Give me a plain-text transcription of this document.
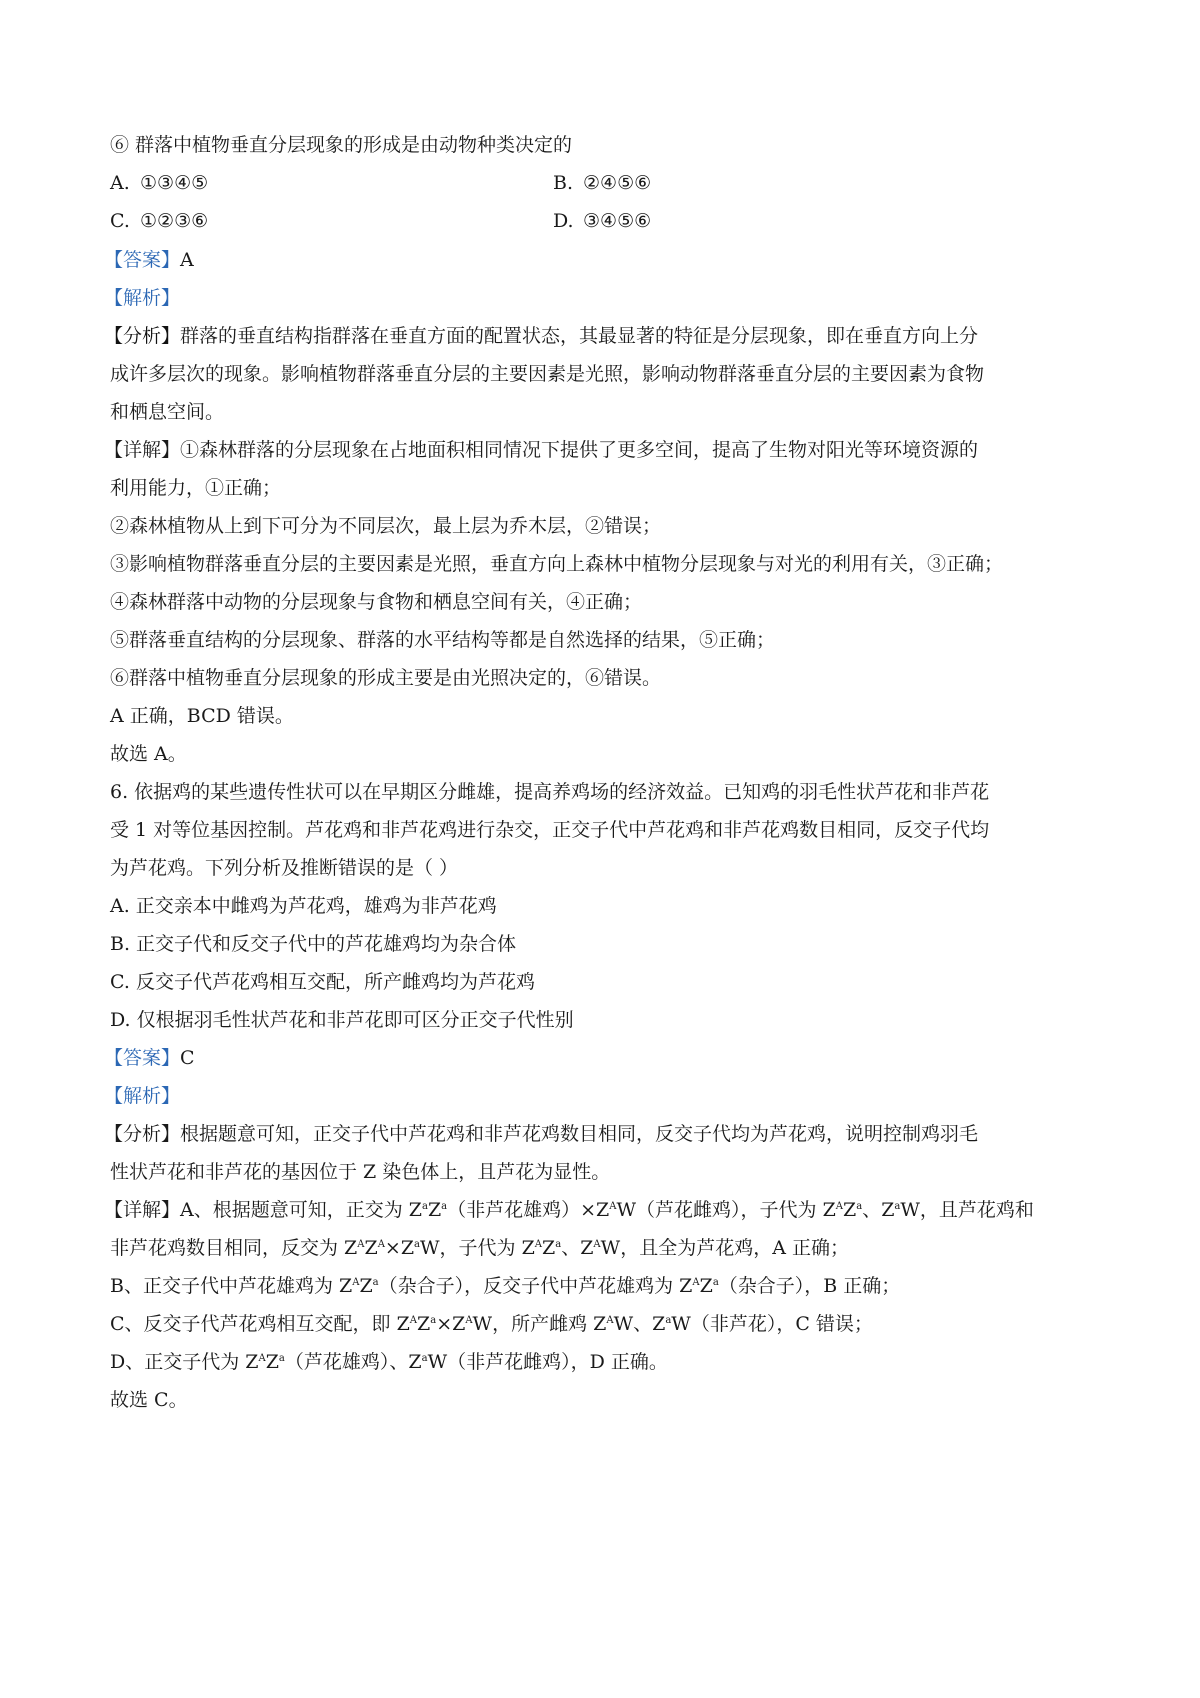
⑥ 群落中植物垂直分层现象的形成是由动物种类决定的
A. ①③④⑤	B. ②④⑤⑥
C. ①②③⑥	D. ③④⑤⑥
【答案】A
【解析】
【分析】群落的垂直结构指群落在垂直方面的配置状态，其最显著的特征是分层现象，即在垂直方向上分
成许多层次的现象。影响植物群落垂直分层的主要因素是光照，影响动物群落垂直分层的主要因素为食物
和栖息空间。
【详解】①森林群落的分层现象在占地面积相同情况下提供了更多空间，提高了生物对阳光等环境资源的
利用能力，①正确；
②森林植物从上到下可分为不同层次，最上层为乔木层，②错误；
③影响植物群落垂直分层的主要因素是光照，垂直方向上森林中植物分层现象与对光的利用有关，③正确；
④森林群落中动物的分层现象与食物和栖息空间有关，④正确；
⑤群落垂直结构的分层现象、群落的水平结构等都是自然选择的结果，⑤正确；
⑥群落中植物垂直分层现象的形成主要是由光照决定的，⑥错误。
A 正确，BCD 错误。
故选 A。
6. 依据鸡的某些遗传性状可以在早期区分雌雄，提高养鸡场的经济效益。已知鸡的羽毛性状芦花和非芦花
受 1 对等位基因控制。芦花鸡和非芦花鸡进行杂交，正交子代中芦花鸡和非芦花鸡数目相同，反交子代均
为芦花鸡。下列分析及推断错误的是（ ）
A. 正交亲本中雌鸡为芦花鸡，雄鸡为非芦花鸡
B. 正交子代和反交子代中的芦花雄鸡均为杂合体
C. 反交子代芦花鸡相互交配，所产雌鸡均为芦花鸡
D. 仅根据羽毛性状芦花和非芦花即可区分正交子代性别
【答案】C
【解析】
【分析】根据题意可知，正交子代中芦花鸡和非芦花鸡数目相同，反交子代均为芦花鸡，说明控制鸡羽毛
性状芦花和非芦花的基因位于 Z 染色体上，且芦花为显性。
【详解】A、根据题意可知，正交为 $Z^aZ^a$（非芦花雄鸡）$\times Z^AW$（芦花雌鸡），子代为 $Z^AZ^a$、$Z^aW$，且芦花鸡和
非芦花鸡数目相同，反交为 $Z^AZ^A\times Z^aW$，子代为 $Z^AZ^a$、$Z^AW$，且全为芦花鸡，A 正确；
B、正交子代中芦花雄鸡为 $Z^AZ^a$（杂合子），反交子代中芦花雄鸡为 $Z^AZ^a$（杂合子），B 正确；
C、反交子代芦花鸡相互交配，即 $Z^AZ^a\times Z^AW$，所产雌鸡 $Z^AW$、$Z^aW$（非芦花），C 错误；
D、正交子代为 $Z^AZ^a$（芦花雄鸡）、$Z^aW$（非芦花雌鸡），D 正确。
故选 C。
